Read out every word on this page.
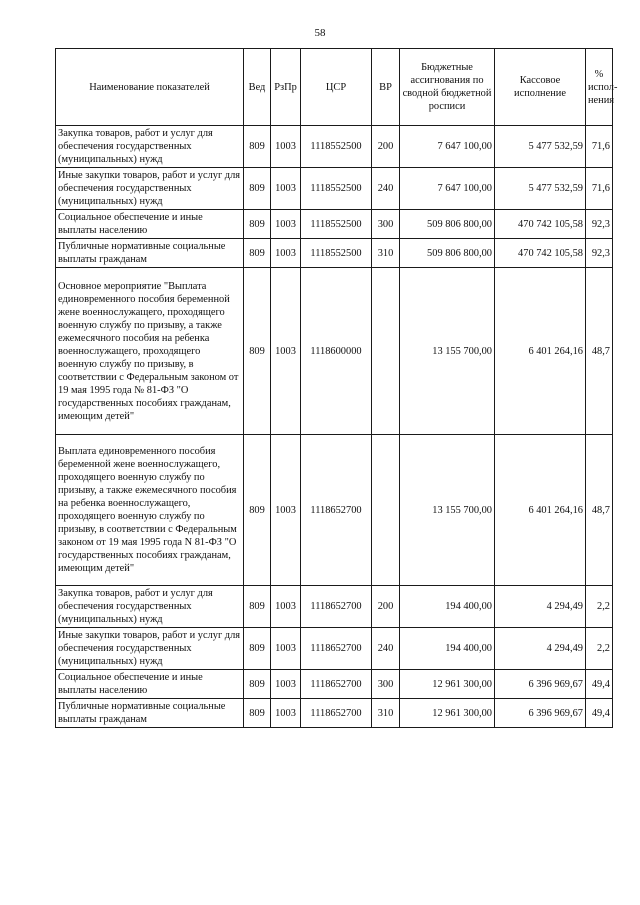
58
Наименование показателей	Вед	РзПр	ЦСР	ВР	Бюджетные ассигнования по сводной бюджетной росписи	Кассовое исполнение	% испол-нения
Закупка товаров, работ и услуг для обеспечения государственных (муниципальных) нужд	809	1003	1118552500	200	7 647 100,00	5 477 532,59	71,6
Иные закупки товаров, работ и услуг для обеспечения государственных (муниципальных) нужд	809	1003	1118552500	240	7 647 100,00	5 477 532,59	71,6
Социальное обеспечение и иные выплаты населению	809	1003	1118552500	300	509 806 800,00	470 742 105,58	92,3
Публичные нормативные социальные выплаты гражданам	809	1003	1118552500	310	509 806 800,00	470 742 105,58	92,3
Основное мероприятие "Выплата единовременного пособия беременной жене военнослужащего, проходящего военную службу по призыву, а также ежемесячного пособия на ребенка военнослужащего, проходящего военную службу по призыву, в соответствии с Федеральным законом от 19 мая 1995 года № 81-ФЗ "О государственных пособиях гражданам, имеющим детей"	809	1003	1118600000		13 155 700,00	6 401 264,16	48,7
Выплата единовременного пособия беременной жене военнослужащего, проходящего военную службу по призыву, а также ежемесячного пособия на ребенка военнослужащего, проходящего военную службу по призыву, в соответствии с Федеральным законом от 19 мая 1995 года N 81-ФЗ "О государственных пособиях гражданам, имеющим детей"	809	1003	1118652700		13 155 700,00	6 401 264,16	48,7
Закупка товаров, работ и услуг для обеспечения государственных (муниципальных) нужд	809	1003	1118652700	200	194 400,00	4 294,49	2,2
Иные закупки товаров, работ и услуг для обеспечения государственных (муниципальных) нужд	809	1003	1118652700	240	194 400,00	4 294,49	2,2
Социальное обеспечение и иные выплаты населению	809	1003	1118652700	300	12 961 300,00	6 396 969,67	49,4
Публичные нормативные социальные выплаты гражданам	809	1003	1118652700	310	12 961 300,00	6 396 969,67	49,4
